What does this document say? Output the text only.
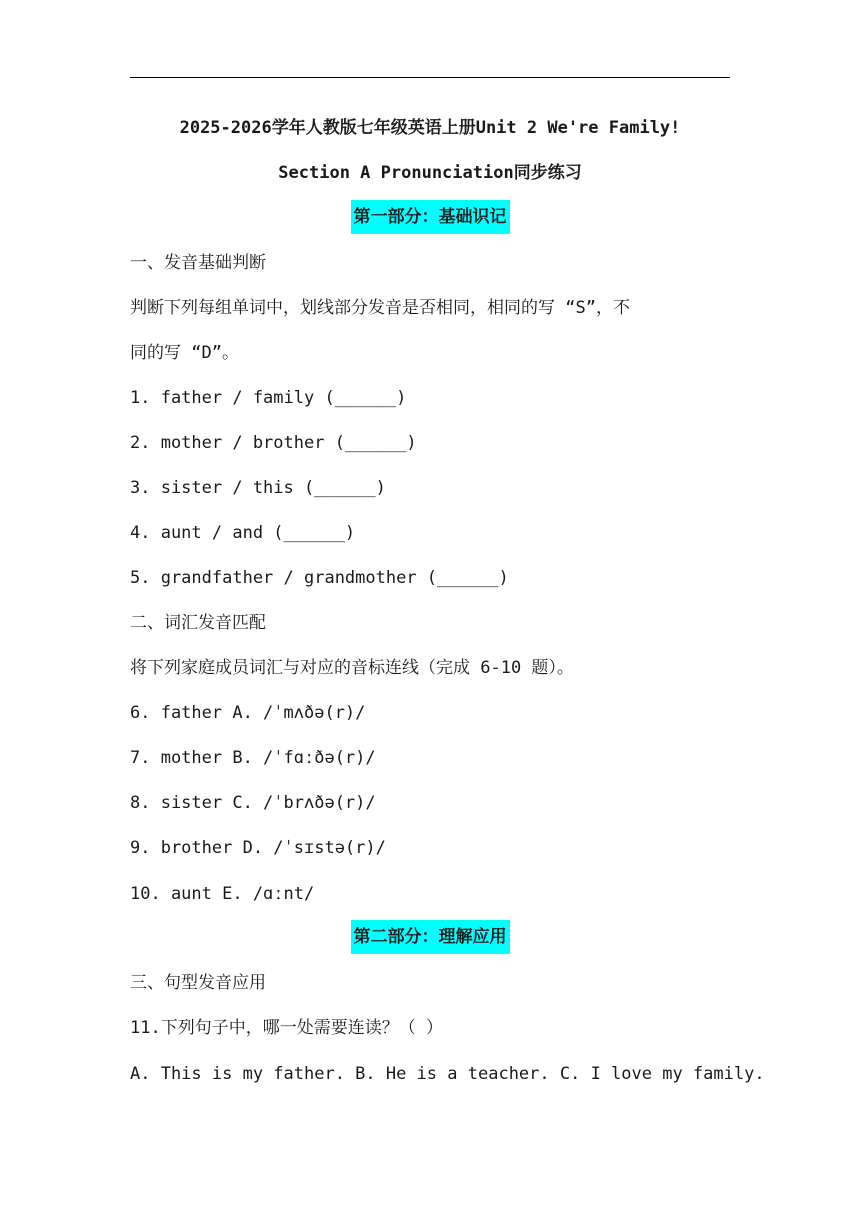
2025-2026学年人教版七年级英语上册Unit 2 We're Family!
Section A Pronunciation同步练习
第一部分：基础识记
一、发音基础判断
判断下列每组单词中，划线部分发音是否相同，相同的写 “S”，不
同的写 “D”。
1. father / family (______)
2. mother / brother (______)
3. sister / this (______)
4. aunt / and (______)
5. grandfather / grandmother (______)
二、词汇发音匹配
将下列家庭成员词汇与对应的音标连线（完成 6-10 题）。
6. father A. /ˈmʌðə(r)/
7. mother B. /ˈfɑːðə(r)/
8. sister C. /ˈbrʌðə(r)/
9. brother D. /ˈsɪstə(r)/
10. aunt E. /ɑːnt/
第二部分：理解应用
三、句型发音应用
11.下列句子中，哪一处需要连读？（ ）
A. This is my father. B. He is a teacher. C. I love my family.
